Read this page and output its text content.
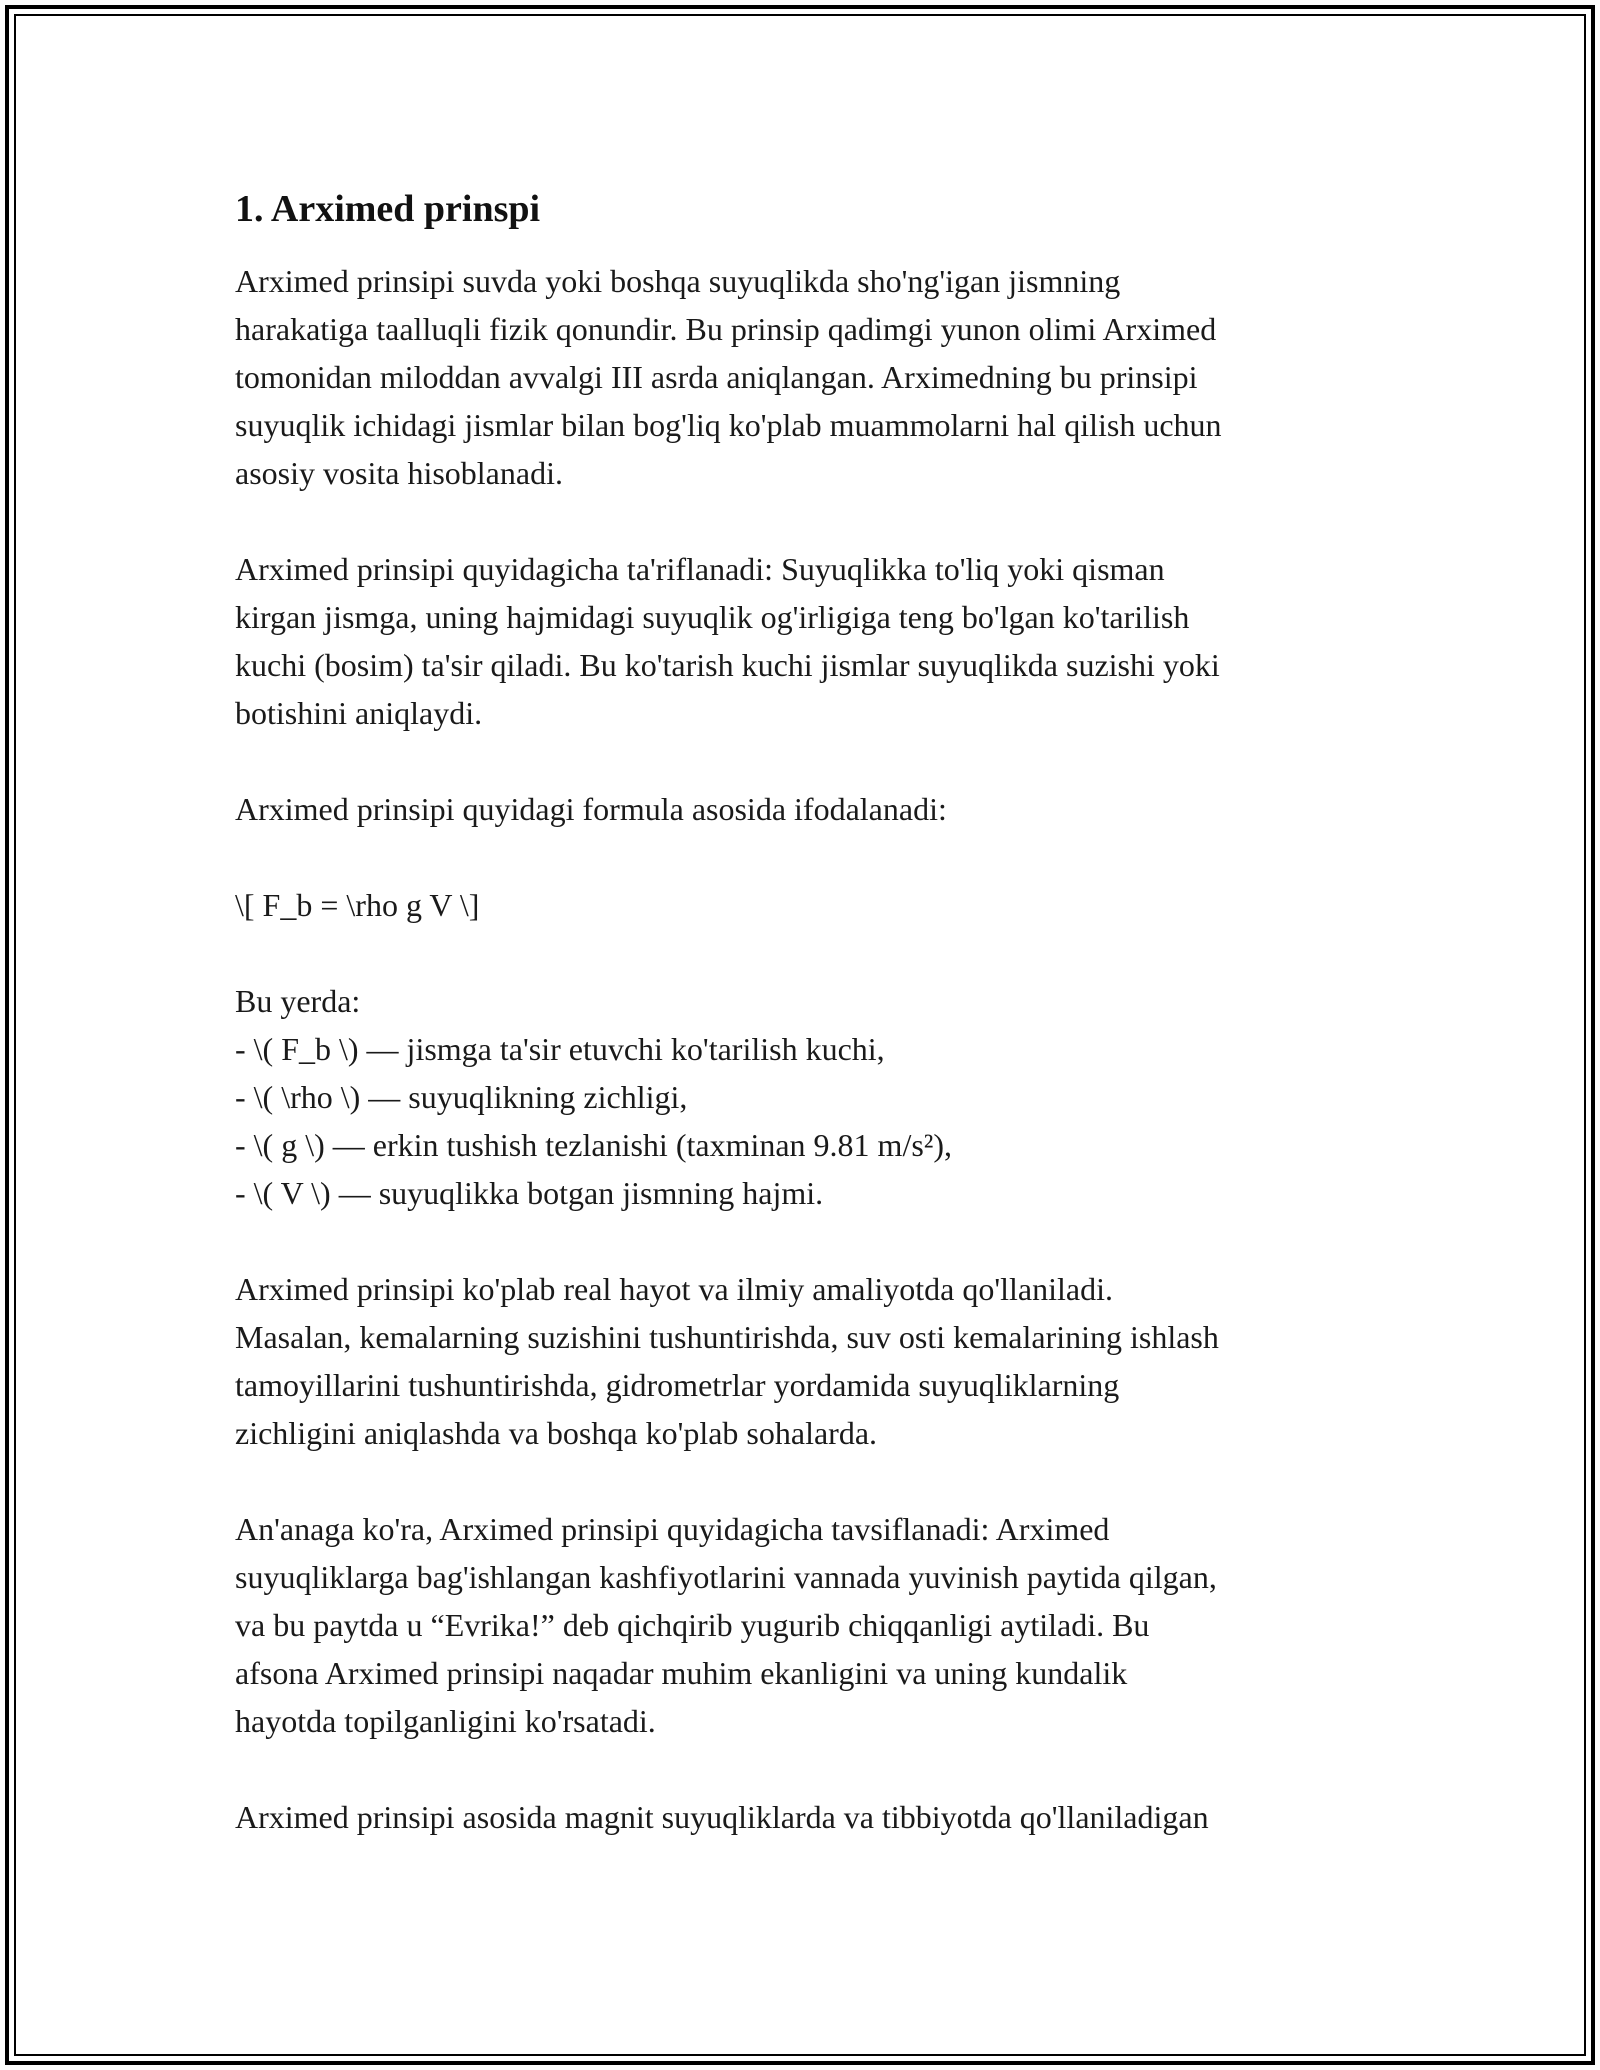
1. Arximed prinspi
Arximed prinsipi suvda yoki boshqa suyuqlikda sho'ng'igan jismning
harakatiga taalluqli fizik qonundir. Bu prinsip qadimgi yunon olimi Arximed
tomonidan miloddan avvalgi III asrda aniqlangan. Arximedning bu prinsipi
suyuqlik ichidagi jismlar bilan bog'liq ko'plab muammolarni hal qilish uchun
asosiy vosita hisoblanadi.
Arximed prinsipi quyidagicha ta'riflanadi: Suyuqlikka to'liq yoki qisman
kirgan jismga, uning hajmidagi suyuqlik og'irligiga teng bo'lgan ko'tarilish
kuchi (bosim) ta'sir qiladi. Bu ko'tarish kuchi jismlar suyuqlikda suzishi yoki
botishini aniqlaydi.
Arximed prinsipi quyidagi formula asosida ifodalanadi:
\[ F_b = \rho g V \]
Bu yerda:
- \( F_b \) — jismga ta'sir etuvchi ko'tarilish kuchi,
- \( \rho \) — suyuqlikning zichligi,
- \( g \) — erkin tushish tezlanishi (taxminan 9.81 m/s²),
- \( V \) — suyuqlikka botgan jismning hajmi.
Arximed prinsipi ko'plab real hayot va ilmiy amaliyotda qo'llaniladi.
Masalan, kemalarning suzishini tushuntirishda, suv osti kemalarining ishlash
tamoyillarini tushuntirishda, gidrometrlar yordamida suyuqliklarning
zichligini aniqlashda va boshqa ko'plab sohalarda.
An'anaga ko'ra, Arximed prinsipi quyidagicha tavsiflanadi: Arximed
suyuqliklarga bag'ishlangan kashfiyotlarini vannada yuvinish paytida qilgan,
va bu paytda u “Evrika!” deb qichqirib yugurib chiqqanligi aytiladi. Bu
afsona Arximed prinsipi naqadar muhim ekanligini va uning kundalik
hayotda topilganligini ko'rsatadi.
Arximed prinsipi asosida magnit suyuqliklarda va tibbiyotda qo'llaniladigan
